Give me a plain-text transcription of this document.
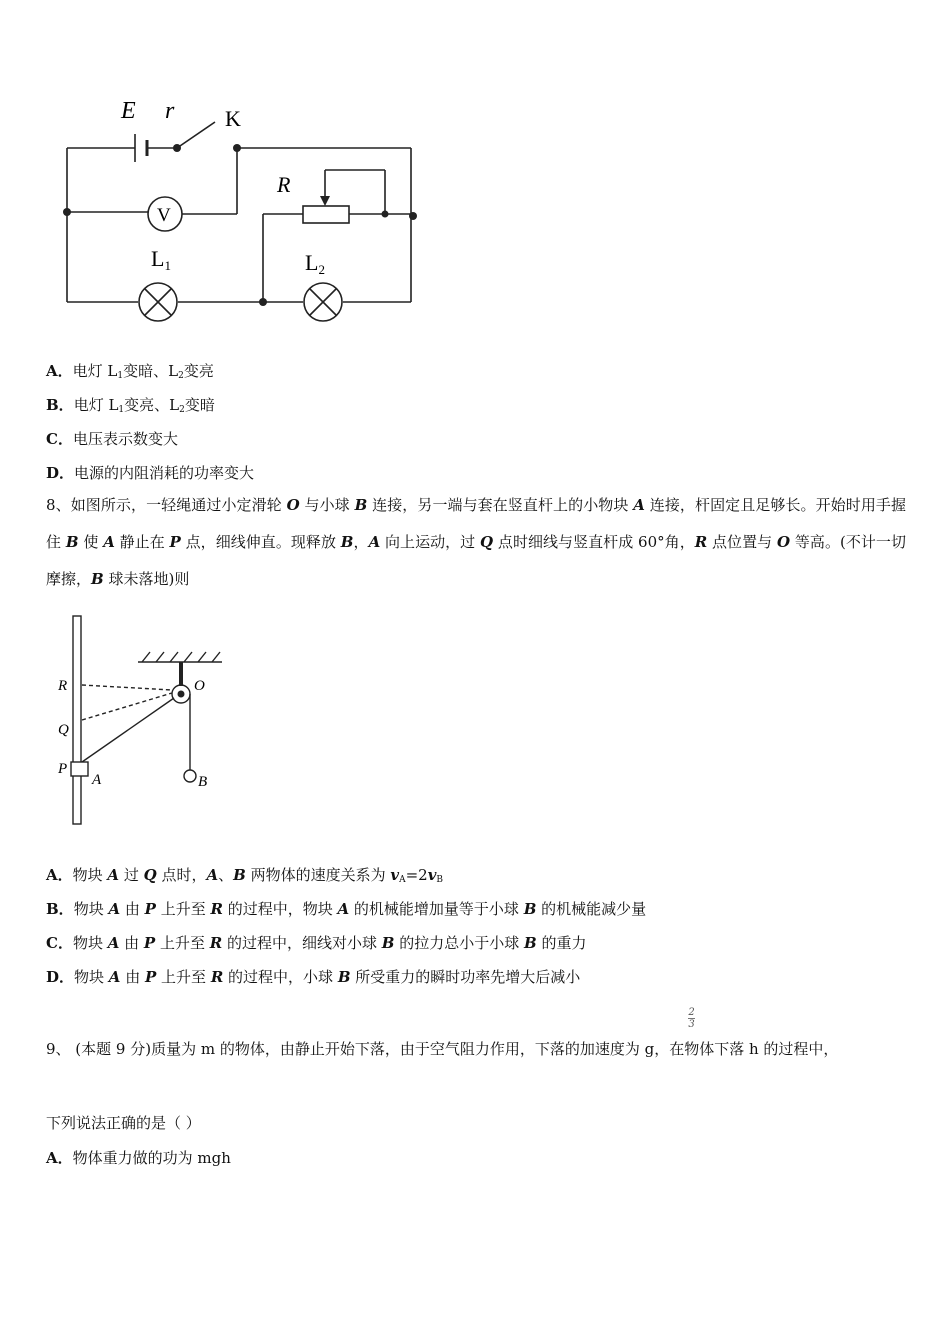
E r K
R
V
L1	L2
A．电灯 $L_1$变暗、$L_2$变亮
B．电灯 $L_1$变亮、$L_2$变暗
C．电压表示数变大
D．电源的内阻消耗的功率变大
8、如图所示，一轻绳通过小定滑轮 O 与小球 B 连接，另一端与套在竖直杆上的小物块 A 连接，杆固定且足够长。开始时用手握住 B 使 A 静止在 P 点，细线伸直。现释放 B，A 向上运动，过 Q 点时细线与竖直杆成 60°角，R 点位置与 O 等高。(不计一切摩擦，B 球未落地)则
R
Q
P
A
O
B
A．物块 A 过 Q 点时，A、B 两物体的速度关系为 $v_A=2v_B$
B．物块 A 由 P 上升至 R 的过程中，物块 A 的机械能增加量等于小球 B 的机械能减少量
C．物块 A 由 P 上升至 R 的过程中，细线对小球 B 的拉力总小于小球 B 的重力
D．物块 A 由 P 上升至 R 的过程中，小球 B 所受重力的瞬时功率先增大后减小
2
3
9、 (本题 9 分)质量为 m 的物体，由静止开始下落，由于空气阻力作用，下落的加速度为 g，在物体下落 h 的过程中，
下列说法正确的是（ ）
A．物体重力做的功为 mgh
